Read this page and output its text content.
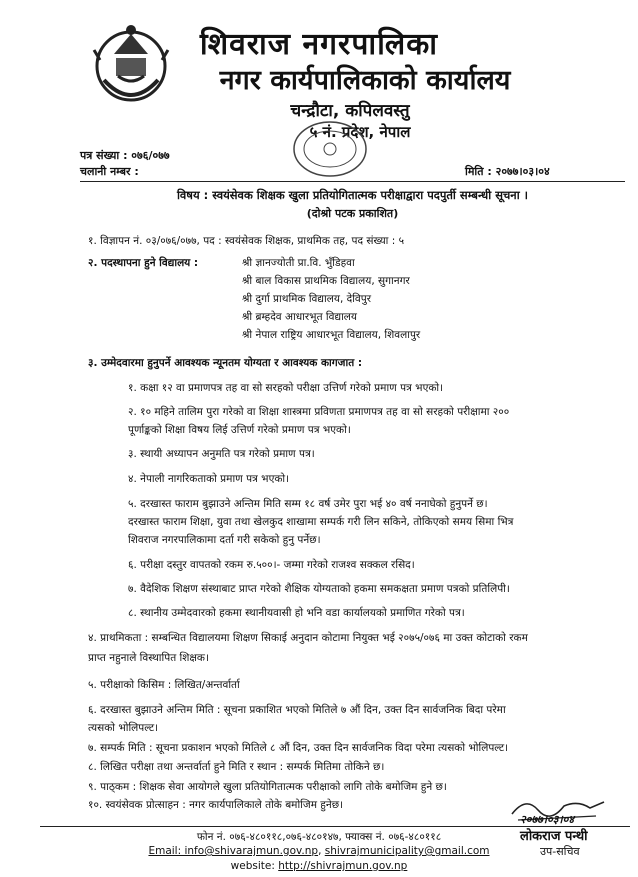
शिवराज नगरपालिका
नगर कार्यपालिकाको कार्यालय
चन्द्रौटा, कपिलवस्तु
५ नं. प्रदेश, नेपाल
पत्र संख्या : ०७६/०७७
चलानी नम्बर :	मिति : २०७७।०३।०४
विषय : स्वयंसेवक शिक्षक खुला प्रतियोगितात्मक परीक्षाद्वारा पदपुर्ती सम्बन्धी सूचना ।
(दोश्रो पटक प्रकाशित)
१. विज्ञापन नं. ०३/०७६/०७७, पद : स्वयंसेवक शिक्षक, प्राथमिक तह, पद संख्या : ५
२. पदस्थापना हुने विद्यालय :	श्री ज्ञानज्योती प्रा.वि. भुँडिहवा
श्री बाल विकास प्राथमिक विद्यालय, सुगानगर
श्री दुर्गा प्राथमिक विद्यालय, देविपुर
श्री ब्रम्हदेव आधारभूत विद्यालय
श्री नेपाल राष्ट्रिय आधारभूत विद्यालय, शिवलापुर
३. उम्मेदवारमा हुनुपर्ने आवश्यक न्यूनतम योग्यता र आवश्यक कागजात :
१. कक्षा १२ वा प्रमाणपत्र तह वा सो सरहको परीक्षा उत्तिर्ण गरेको प्रमाण पत्र भएको।
२. १० महिने तालिम पुरा गरेको वा शिक्षा शास्त्रमा प्रविणता प्रमाणपत्र तह वा सो सरहको परीक्षामा २००
पूर्णाङ्कको शिक्षा विषय लिई उत्तिर्ण गरेको प्रमाण पत्र भएको।
३. स्थायी अध्यापन अनुमति पत्र गरेको प्रमाण पत्र।
४. नेपाली नागरिकताको प्रमाण पत्र भएको।
५. दरखास्त फाराम बुझाउने अन्तिम मिति सम्म १८ वर्ष उमेर पुरा भई ४० वर्ष ननाघेको हुनुपर्ने छ।
दरखास्त फाराम शिक्षा, युवा तथा खेलकुद शाखामा सम्पर्क गरी लिन सकिने, तोकिएको समय सिमा भित्र
शिवराज नगरपालिकामा दर्ता गरी सकेको हुनु पर्नेछ।
६. परीक्षा दस्तुर वापतको रकम रु.५००।- जम्मा गरेको राजश्व सक्कल रसिद।
७. वैदेशिक शिक्षण संस्थाबाट प्राप्त गरेको शैक्षिक योग्यताको हकमा समकक्षता प्रमाण पत्रको प्रतिलिपी।
८. स्थानीय उम्मेदवारको हकमा स्थानीयवासी हो भनि वडा कार्यालयको प्रमाणित गरेको पत्र।
४. प्राथमिकता : सम्बन्धित विद्यालयमा शिक्षण सिकाई अनुदान कोटामा नियुक्त भई २०७५/०७६ मा उक्त कोटाको रकम
प्राप्त नहुनाले विस्थापित शिक्षक।
५. परीक्षाको किसिम : लिखित/अन्तर्वार्ता
६. दरखास्त बुझाउने अन्तिम मिति : सूचना प्रकाशित भएको मितिले ७ औं दिन, उक्त दिन सार्वजनिक बिदा परेमा
त्यसको भोलिपल्ट।
७. सम्पर्क मिति : सूचना प्रकाशन भएको मितिले ८ औं दिन, उक्त दिन सार्वजनिक विदा परेमा त्यसको भोलिपल्ट।
८. लिखित परीक्षा तथा अन्तर्वार्ता हुने मिति र स्थान : सम्पर्क मितिमा तोकिने छ।
९. पाठ्कम : शिक्षक सेवा आयोगले खुला प्रतियोगितात्मक परीक्षाको लागि तोके बमोजिम हुने छ।
१०. स्वयंसेवक प्रोत्साहन : नगर कार्यपालिकाले तोके बमोजिम हुनेछ।
२०७७।०३।०४
लोकराज पन्थी
उप-सचिव
फोन नं. ०७६-४८०११८,०७६-४८०१४७, फ्याक्स नं. ०७६-४८०११८
Email: info@shivarajmun.gov.np, shivrajmunicipality@gmail.com
website: http://shivrajmun.gov.np
